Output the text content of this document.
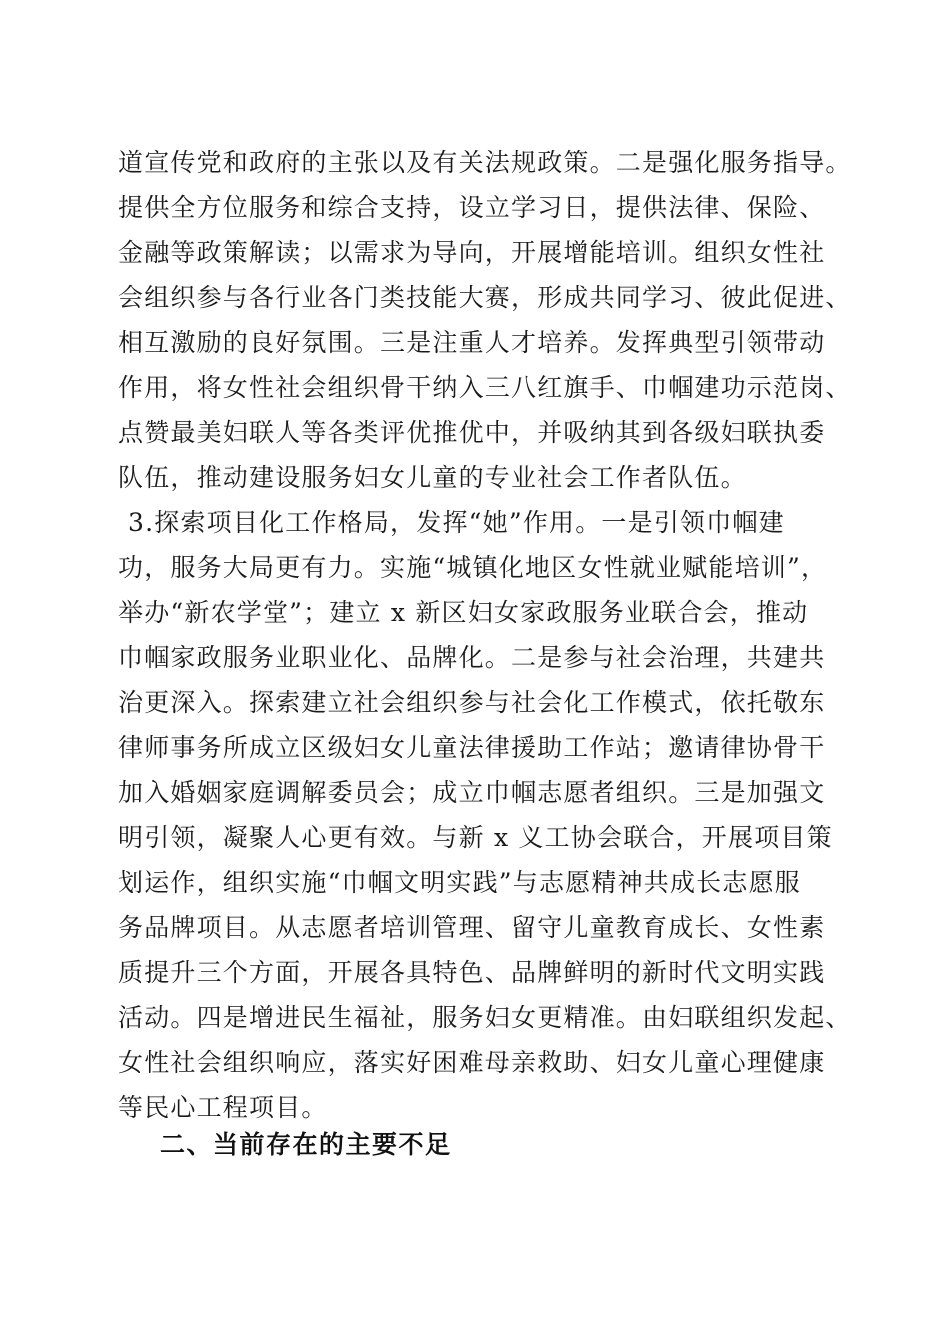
道宣传党和政府的主张以及有关法规政策。二是强化服务指导。
提供全方位服务和综合支持，设立学习日，提供法律、保险、
金融等政策解读；以需求为导向，开展增能培训。组织女性社
会组织参与各行业各门类技能大赛，形成共同学习、彼此促进、
相互激励的良好氛围。三是注重人才培养。发挥典型引领带动
作用，将女性社会组织骨干纳入三八红旗手、巾帼建功示范岗、
点赞最美妇联人等各类评优推优中，并吸纳其到各级妇联执委
队伍，推动建设服务妇女儿童的专业社会工作者队伍。
3.探索项目化工作格局，发挥“她”作用。一是引领巾帼建
功，服务大局更有力。实施“城镇化地区女性就业赋能培训”，
举办“新农学堂”；建立 x 新区妇女家政服务业联合会，推动
巾帼家政服务业职业化、品牌化。二是参与社会治理，共建共
治更深入。探索建立社会组织参与社会化工作模式，依托敬东
律师事务所成立区级妇女儿童法律援助工作站；邀请律协骨干
加入婚姻家庭调解委员会；成立巾帼志愿者组织。三是加强文
明引领，凝聚人心更有效。与新 x 义工协会联合，开展项目策
划运作，组织实施“巾帼文明实践”与志愿精神共成长志愿服
务品牌项目。从志愿者培训管理、留守儿童教育成长、女性素
质提升三个方面，开展各具特色、品牌鲜明的新时代文明实践
活动。四是增进民生福祉，服务妇女更精准。由妇联组织发起、
女性社会组织响应，落实好困难母亲救助、妇女儿童心理健康
等民心工程项目。
二、当前存在的主要不足
